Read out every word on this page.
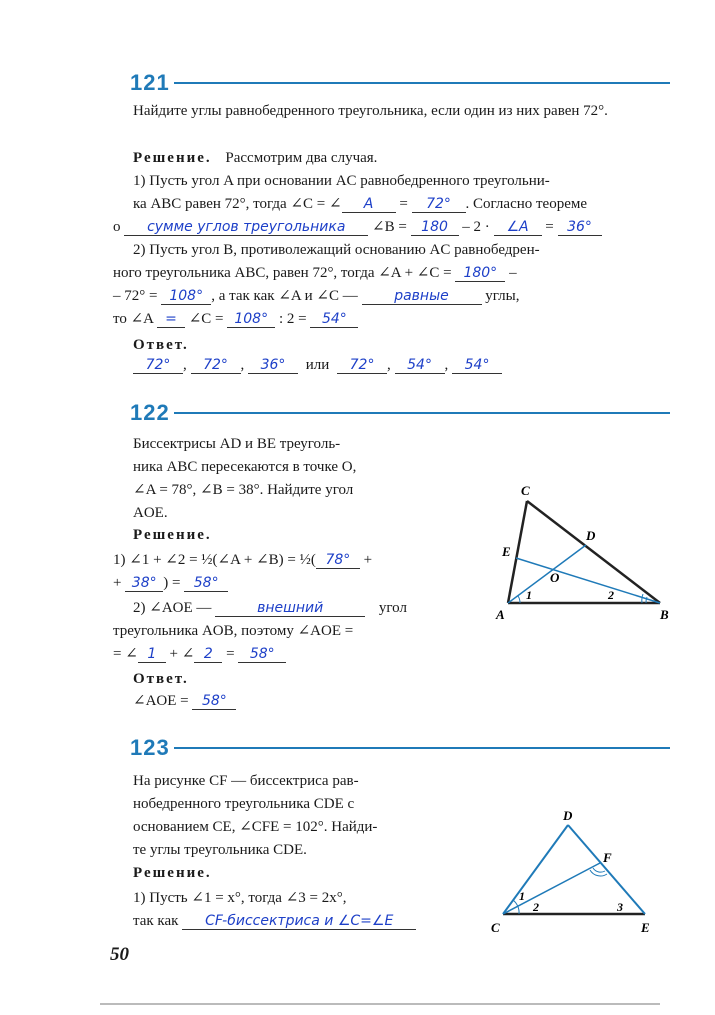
121

Найдите углы равнобедренного треугольника, если один из них равен 72°.

Решение. Рассмотрим два случая.
1) Пусть угол A при основании AC равнобедренного треугольни-
ка ABC равен 72°, тогда ∠C = ∠ A = 72° . Согласно теореме
о сумме углов треугольника ∠B = 180 – 2 · ∠A = 36°
2) Пусть угол B, противолежащий основанию AC равнобедрен-
ного треугольника ABC, равен 72°, тогда ∠A + ∠C = 180° –
– 72° = 108° , а так как ∠A и ∠C — равные углы,
то ∠A = ∠C = 108° : 2 = 54°
Ответ.
72° , 72° , 36° или 72° , 54° , 54°
122

Биссектрисы AD и BE треуголь-

ника ABC пересекаются в точке O,

∠A = 78°, ∠B = 38°. Найдите угол

AOE.

Решение.
1) ∠1 + ∠2 = ½(∠A + ∠B) = ½( 78° +
+ 38° ) = 58°
2) ∠AOE —	внешний	угол
треугольника AOB, поэтому ∠AOE =
= ∠ 1 + ∠ 2 = 58°
Ответ.
∠AOE = 58°
C
D
E
O
A	B
1	2
123

На рисунке CF — биссектриса рав-

нобедренного треугольника CDE с

основанием CE, ∠CFE = 102°. Найди-

те углы треугольника CDE.

Решение.
1) Пусть ∠1 = x°, тогда ∠3 = 2x°,
так как CF-биссектриса и ∠C=∠E
D
F
C	E
1
2	3
50
